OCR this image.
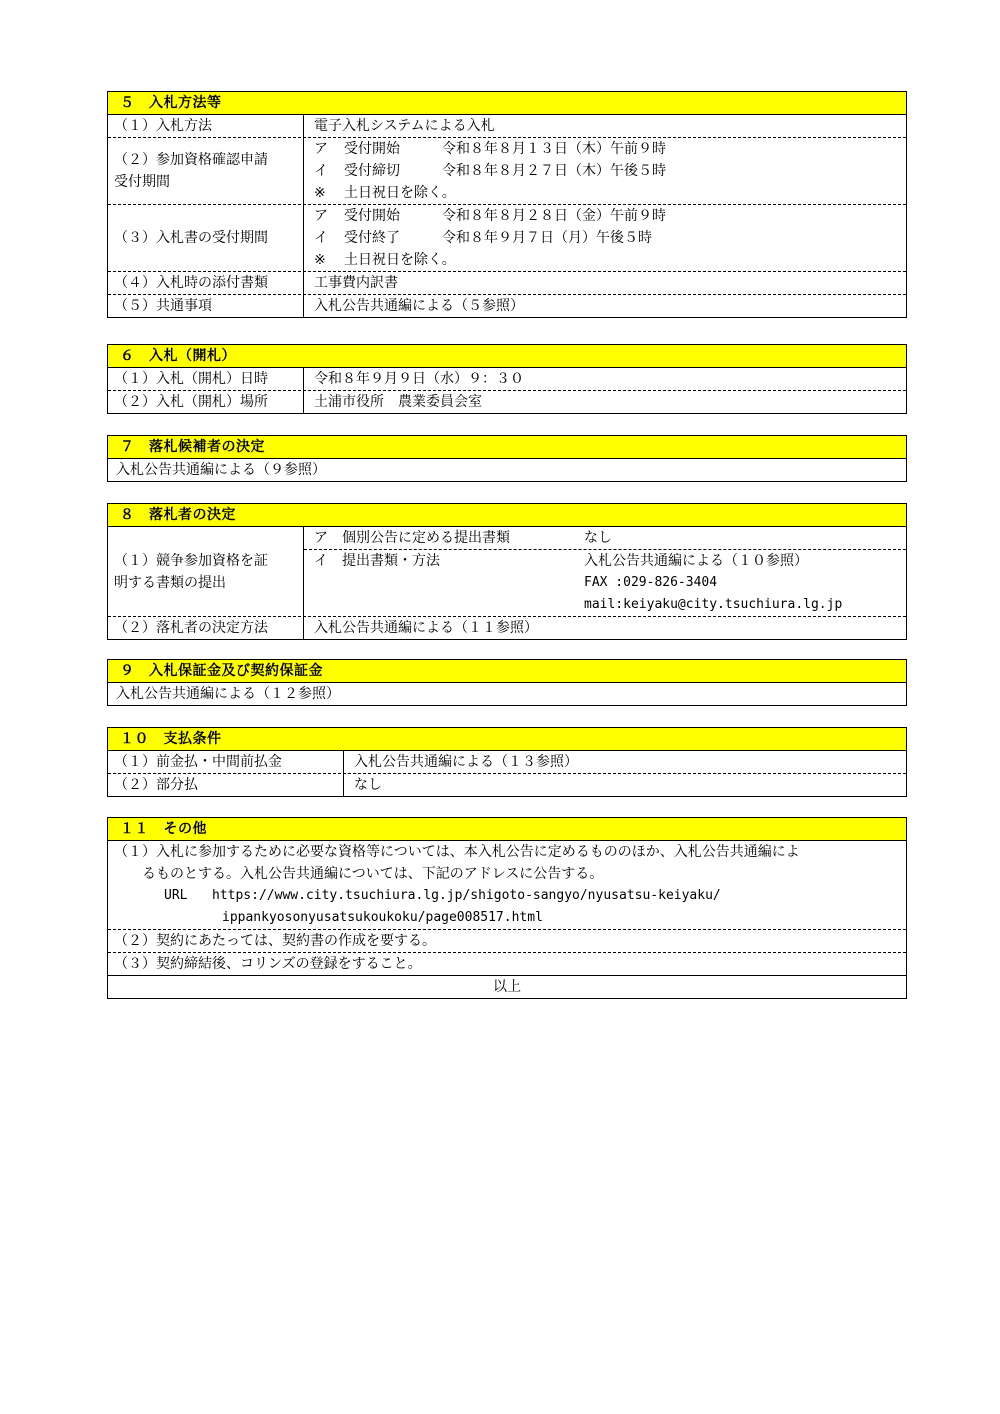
５　入札方法等
（１）入札方法	電子入札システムによる入札
（２）参加資格確認申請
受付期間
ア 受付開始	令和８年８月１３日（木）午前９時
イ 受付締切	令和８年８月２７日（木）午後５時
※ 土日祝日を除く。
（３）入札書の受付期間
ア 受付開始	令和８年８月２８日（金）午前９時
イ 受付終了	令和８年９月７日（月）午後５時
※ 土日祝日を除く。
（４）入札時の添付書類	工事費内訳書
（５）共通事項	入札公告共通編による（５参照）
６　入札（開札）
（１）入札（開札）日時	令和８年９月９日（水）９：３０
（２）入札（開札）場所	土浦市役所　農業委員会室
７　落札候補者の決定
入札公告共通編による（９参照）
８　落札者の決定
（１）競争参加資格を証
明する書類の提出
ア　個別公告に定める提出書類	なし
イ　提出書類・方法	入札公告共通編による（１０参照）
FAX :029-826-3404
mail:keiyaku@city.tsuchiura.lg.jp
（２）落札者の決定方法	入札公告共通編による（１１参照）
９　入札保証金及び契約保証金
入札公告共通編による（１２参照）
１０　支払条件
（１）前金払・中間前払金	入札公告共通編による（１３参照）
（２）部分払	なし
１１　その他
（１）入札に参加するために必要な資格等については、本入札公告に定めるもののほか、入札公告共通編によ
るものとする。入札公告共通編については、下記のアドレスに公告する。
URL https://www.city.tsuchiura.lg.jp/shigoto-sangyo/nyusatsu-keiyaku/
ippankyosonyusatsukoukoku/page008517.html
（２）契約にあたっては、契約書の作成を要する。
（３）契約締結後、コリンズの登録をすること。
以上
